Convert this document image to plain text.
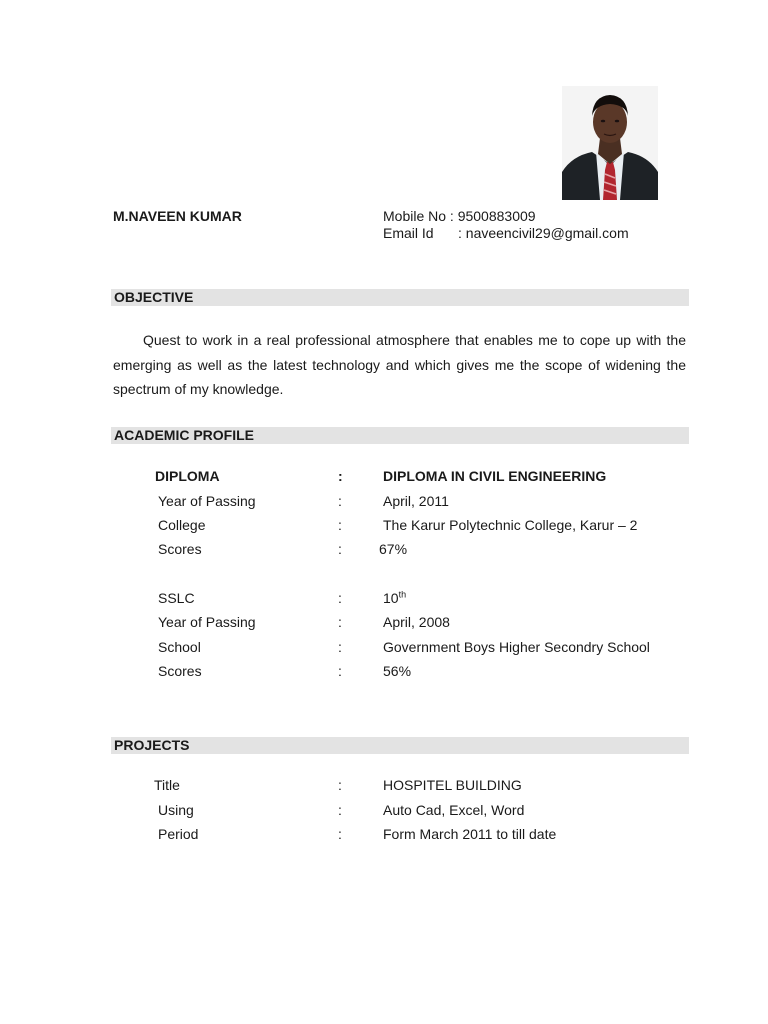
M.NAVEEN KUMAR	Mobile No : 9500883009
Email Id : naveencivil29@gmail.com
OBJECTIVE
Quest to work in a real professional atmosphere that enables me to cope up with the emerging as well as the latest technology and which gives me the scope of widening the spectrum of my knowledge.
ACADEMIC PROFILE
DIPLOMA	:	DIPLOMA IN CIVIL ENGINEERING
Year of Passing	:	April, 2011
College	:	The Karur Polytechnic College, Karur – 2
Scores	:	67%
SSLC	:	10th
Year of Passing	:	April, 2008
School	:	Government Boys Higher Secondry School
Scores	:	56%
PROJECTS
Title	:	HOSPITEL BUILDING
Using	:	Auto Cad, Excel, Word
Period	:	Form March 2011 to till date
